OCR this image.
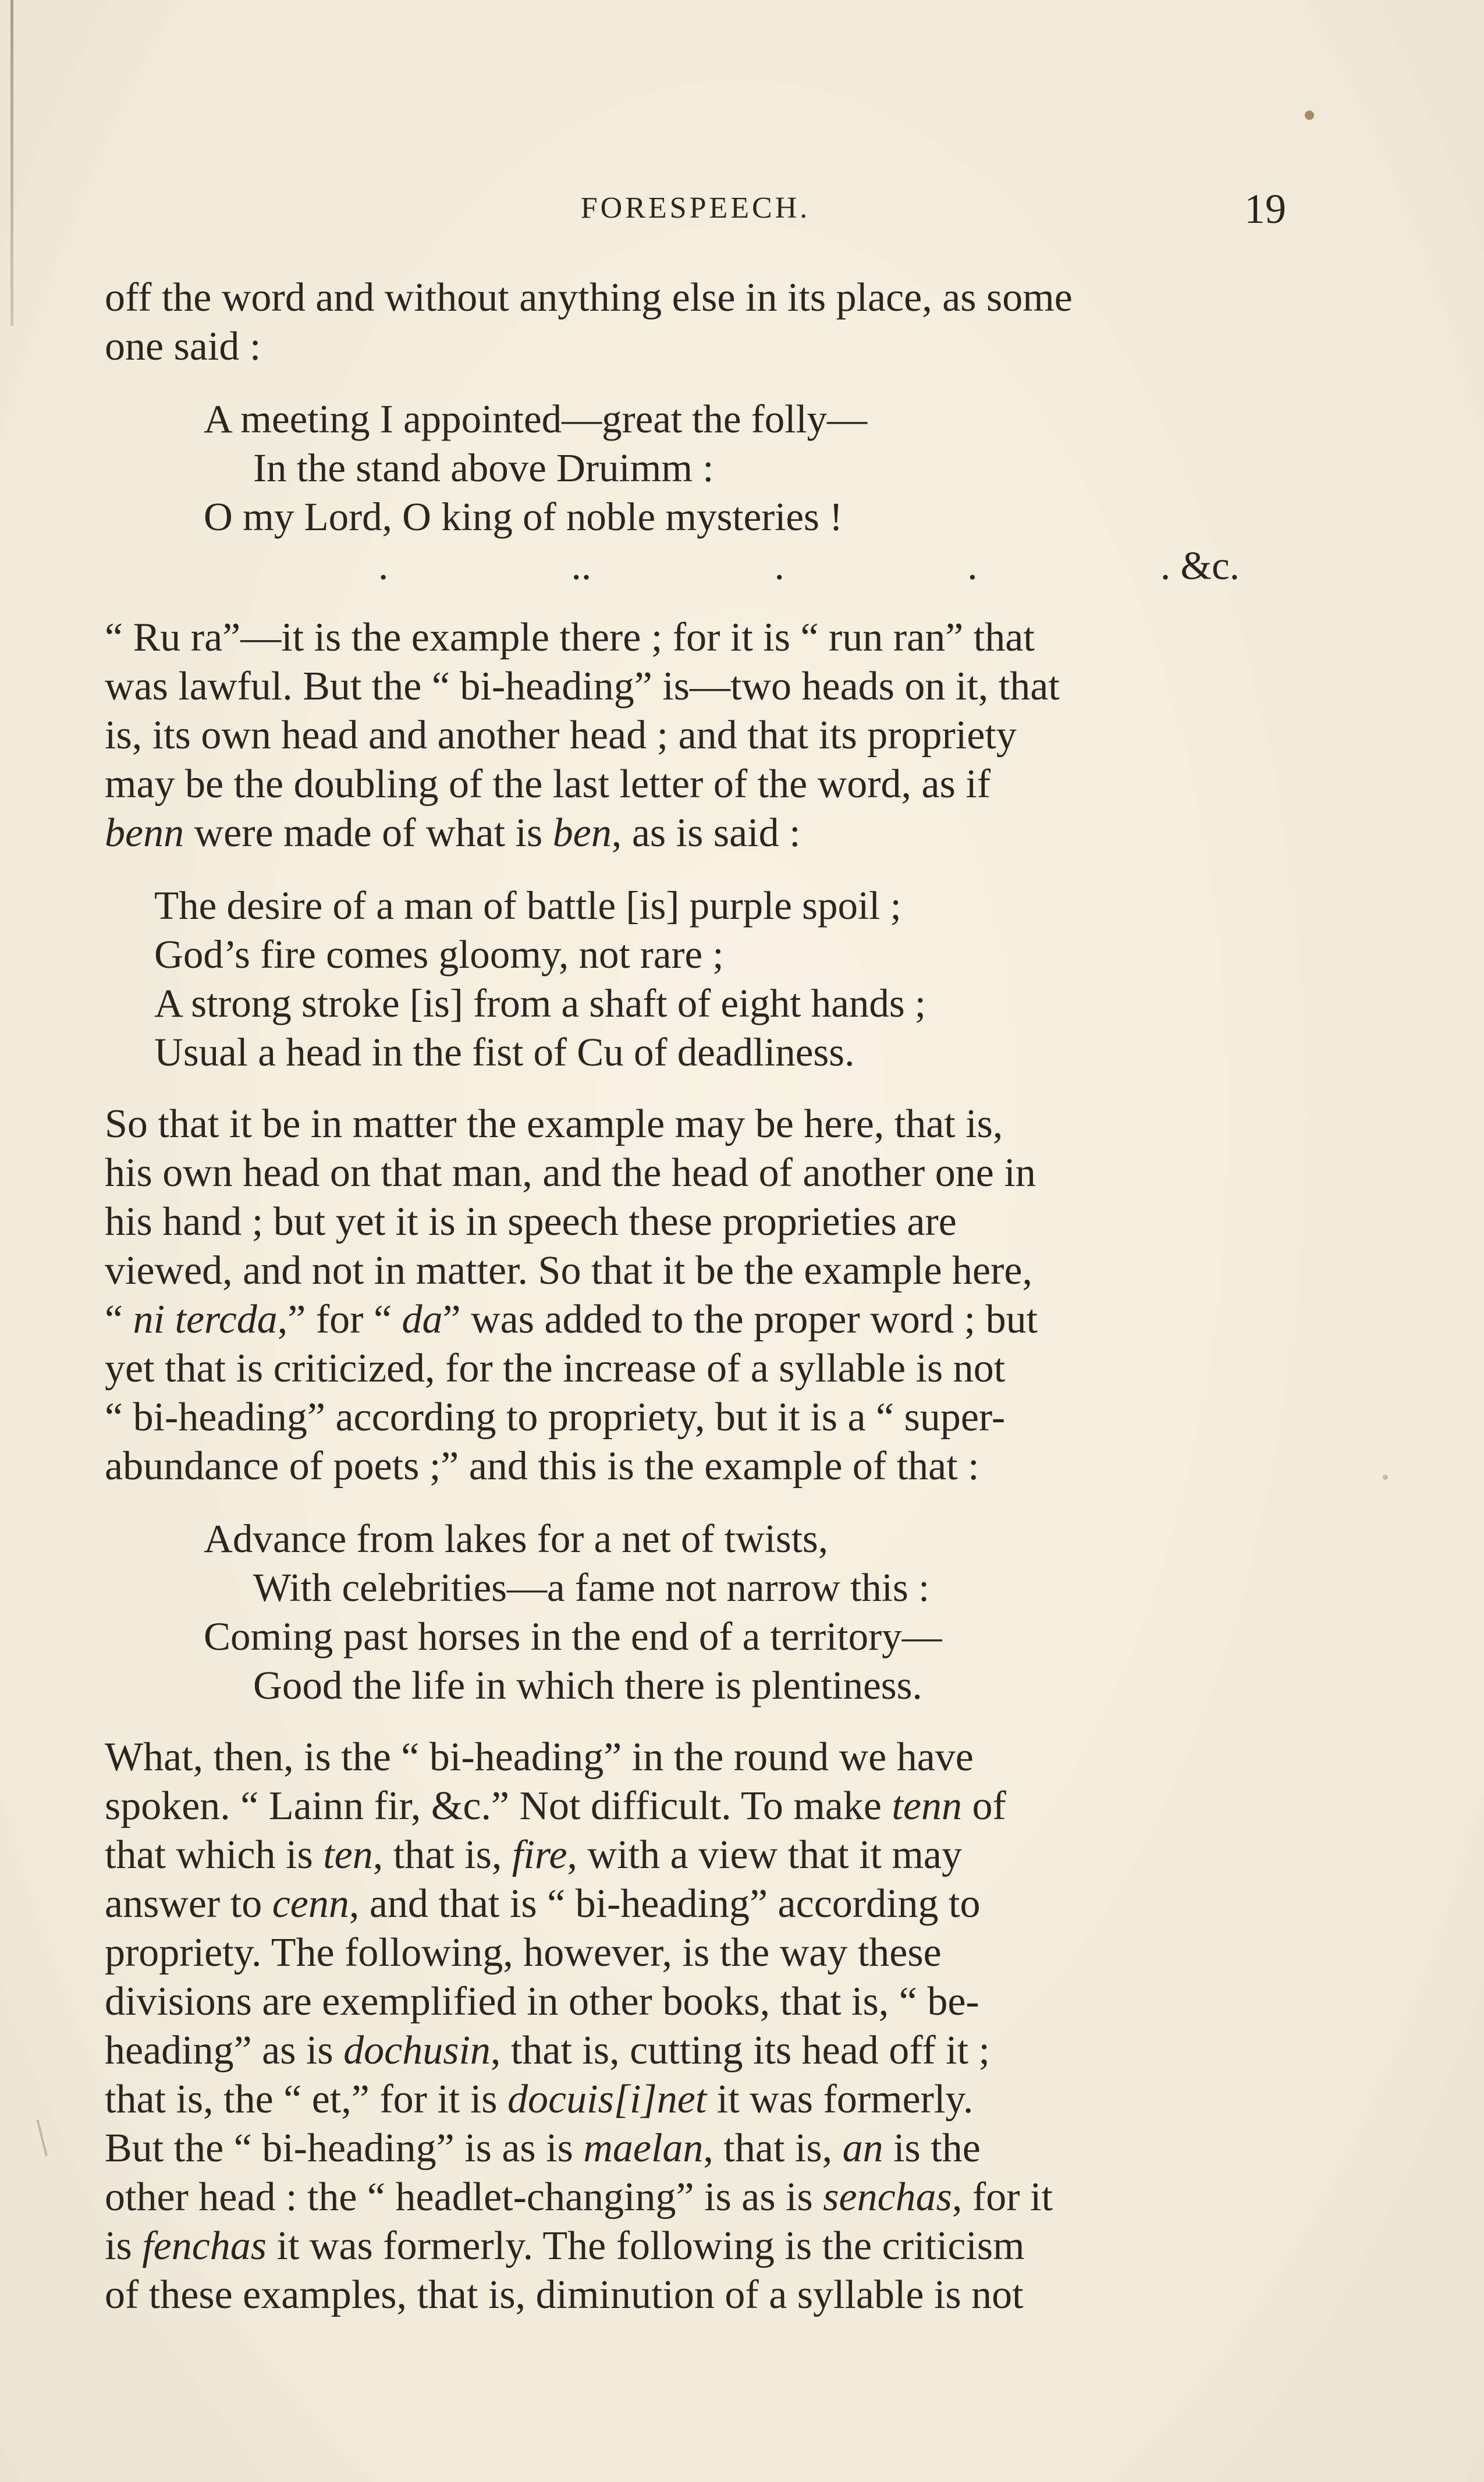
FORESPEECH.	19

off the word and without anything else in its place, as some
one said :

A meeting I appointed—great the folly—
In the stand above Druimm :
O my Lord, O king of noble mysteries !
.	..	.	.	. &c.

“ Ru ra”—it is the example there ; for it is “ run ran” that
was lawful. But the “ bi-heading” is—two heads on it, that
is, its own head and another head ; and that its propriety
may be the doubling of the last letter of the word, as if
benn were made of what is ben, as is said :

The desire of a man of battle [is] purple spoil ;
God’s fire comes gloomy, not rare ;
A strong stroke [is] from a shaft of eight hands ;
Usual a head in the fist of Cu of deadliness.

So that it be in matter the example may be here, that is,
his own head on that man, and the head of another one in
his hand ; but yet it is in speech these proprieties are
viewed, and not in matter. So that it be the example here,
“ ni tercda,” for “ da” was added to the proper word ; but
yet that is criticized, for the increase of a syllable is not
“ bi-heading” according to propriety, but it is a “ super-
abundance of poets ;” and this is the example of that :

Advance from lakes for a net of twists,
With celebrities—a fame not narrow this :
Coming past horses in the end of a territory—
Good the life in which there is plentiness.

What, then, is the “ bi-heading” in the round we have
spoken. “ Lainn fir, &c.” Not difficult. To make tenn of
that which is ten, that is, fire, with a view that it may
answer to cenn, and that is “ bi-heading” according to
propriety. The following, however, is the way these
divisions are exemplified in other books, that is, “ be-
heading” as is dochusin, that is, cutting its head off it ;
that is, the “ et,” for it is docuis[i]net it was formerly.
But the “ bi-heading” is as is maelan, that is, an is the
other head : the “ headlet-changing” is as is senchas, for it
is fenchas it was formerly. The following is the criticism
of these examples, that is, diminution of a syllable is not
